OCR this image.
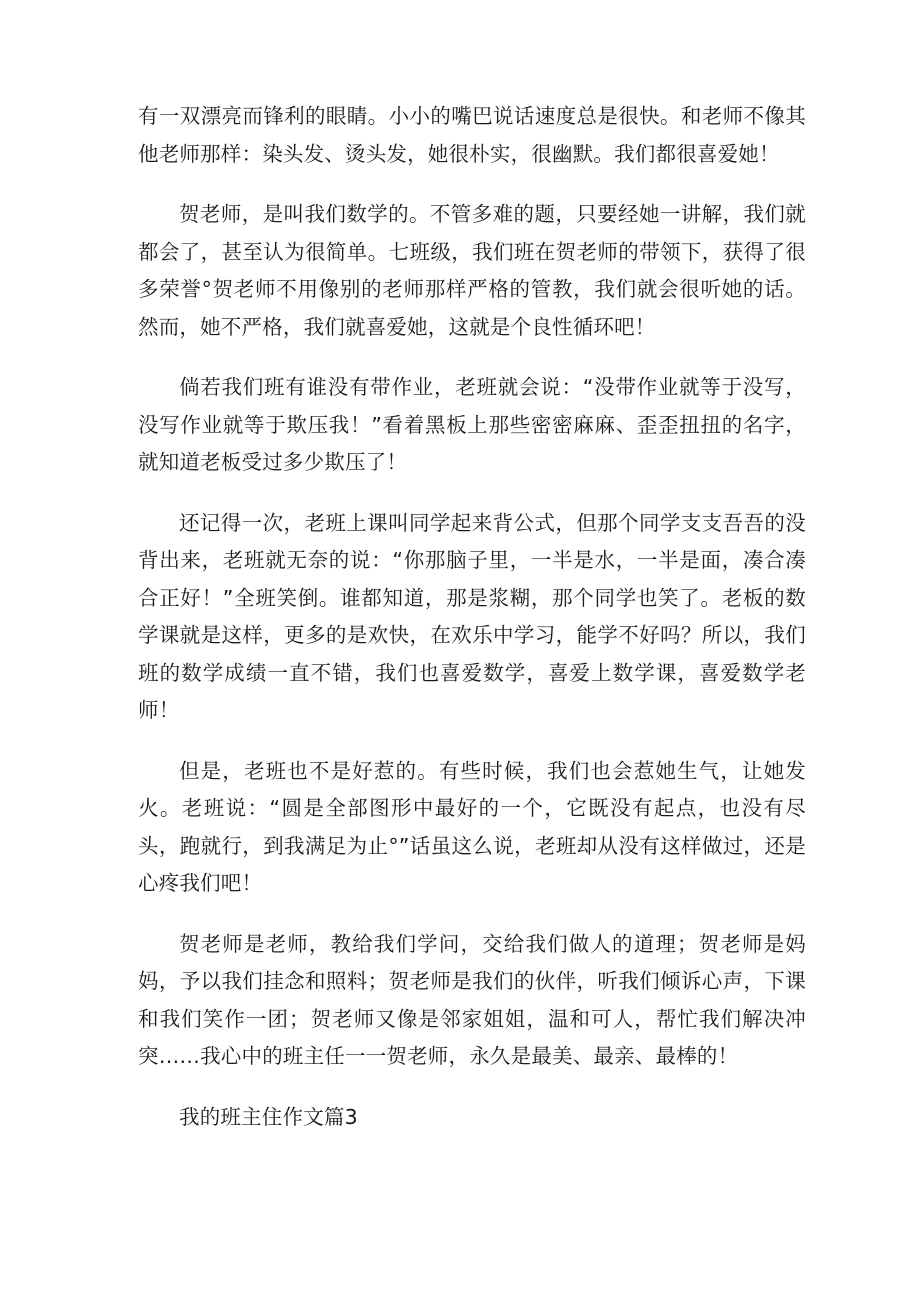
有一双漂亮而锋利的眼睛。小小的嘴巴说话速度总是很快。和老师不像其他老师那样：染头发、烫头发，她很朴实，很幽默。我们都很喜爱她！

贺老师，是叫我们数学的。不管多难的题，只要经她一讲解，我们就都会了，甚至认为很简单。七班级，我们班在贺老师的带领下，获得了很多荣誉°贺老师不用像别的老师那样严格的管教，我们就会很听她的话。然而，她不严格，我们就喜爱她，这就是个良性循环吧！

倘若我们班有谁没有带作业，老班就会说：“没带作业就等于没写，没写作业就等于欺压我！”看着黑板上那些密密麻麻、歪歪扭扭的名字，就知道老板受过多少欺压了！

还记得一次，老班上课叫同学起来背公式，但那个同学支支吾吾的没背出来，老班就无奈的说：“你那脑子里，一半是水，一半是面，凑合凑合正好！”全班笑倒。谁都知道，那是浆糊，那个同学也笑了。老板的数学课就是这样，更多的是欢快，在欢乐中学习，能学不好吗？所以，我们班的数学成绩一直不错，我们也喜爱数学，喜爱上数学课，喜爱数学老师！

但是，老班也不是好惹的。有些时候，我们也会惹她生气，让她发火。老班说：“圆是全部图形中最好的一个，它既没有起点，也没有尽头，跑就行，到我满足为止°”话虽这么说，老班却从没有这样做过，还是心疼我们吧！

贺老师是老师，教给我们学问，交给我们做人的道理；贺老师是妈妈，予以我们挂念和照料；贺老师是我们的伙伴，听我们倾诉心声，下课和我们笑作一团；贺老师又像是邻家姐姐，温和可人，帮忙我们解决冲突……我心中的班主任一一贺老师，永久是最美、最亲、最棒的！

我的班主住作文篇3
